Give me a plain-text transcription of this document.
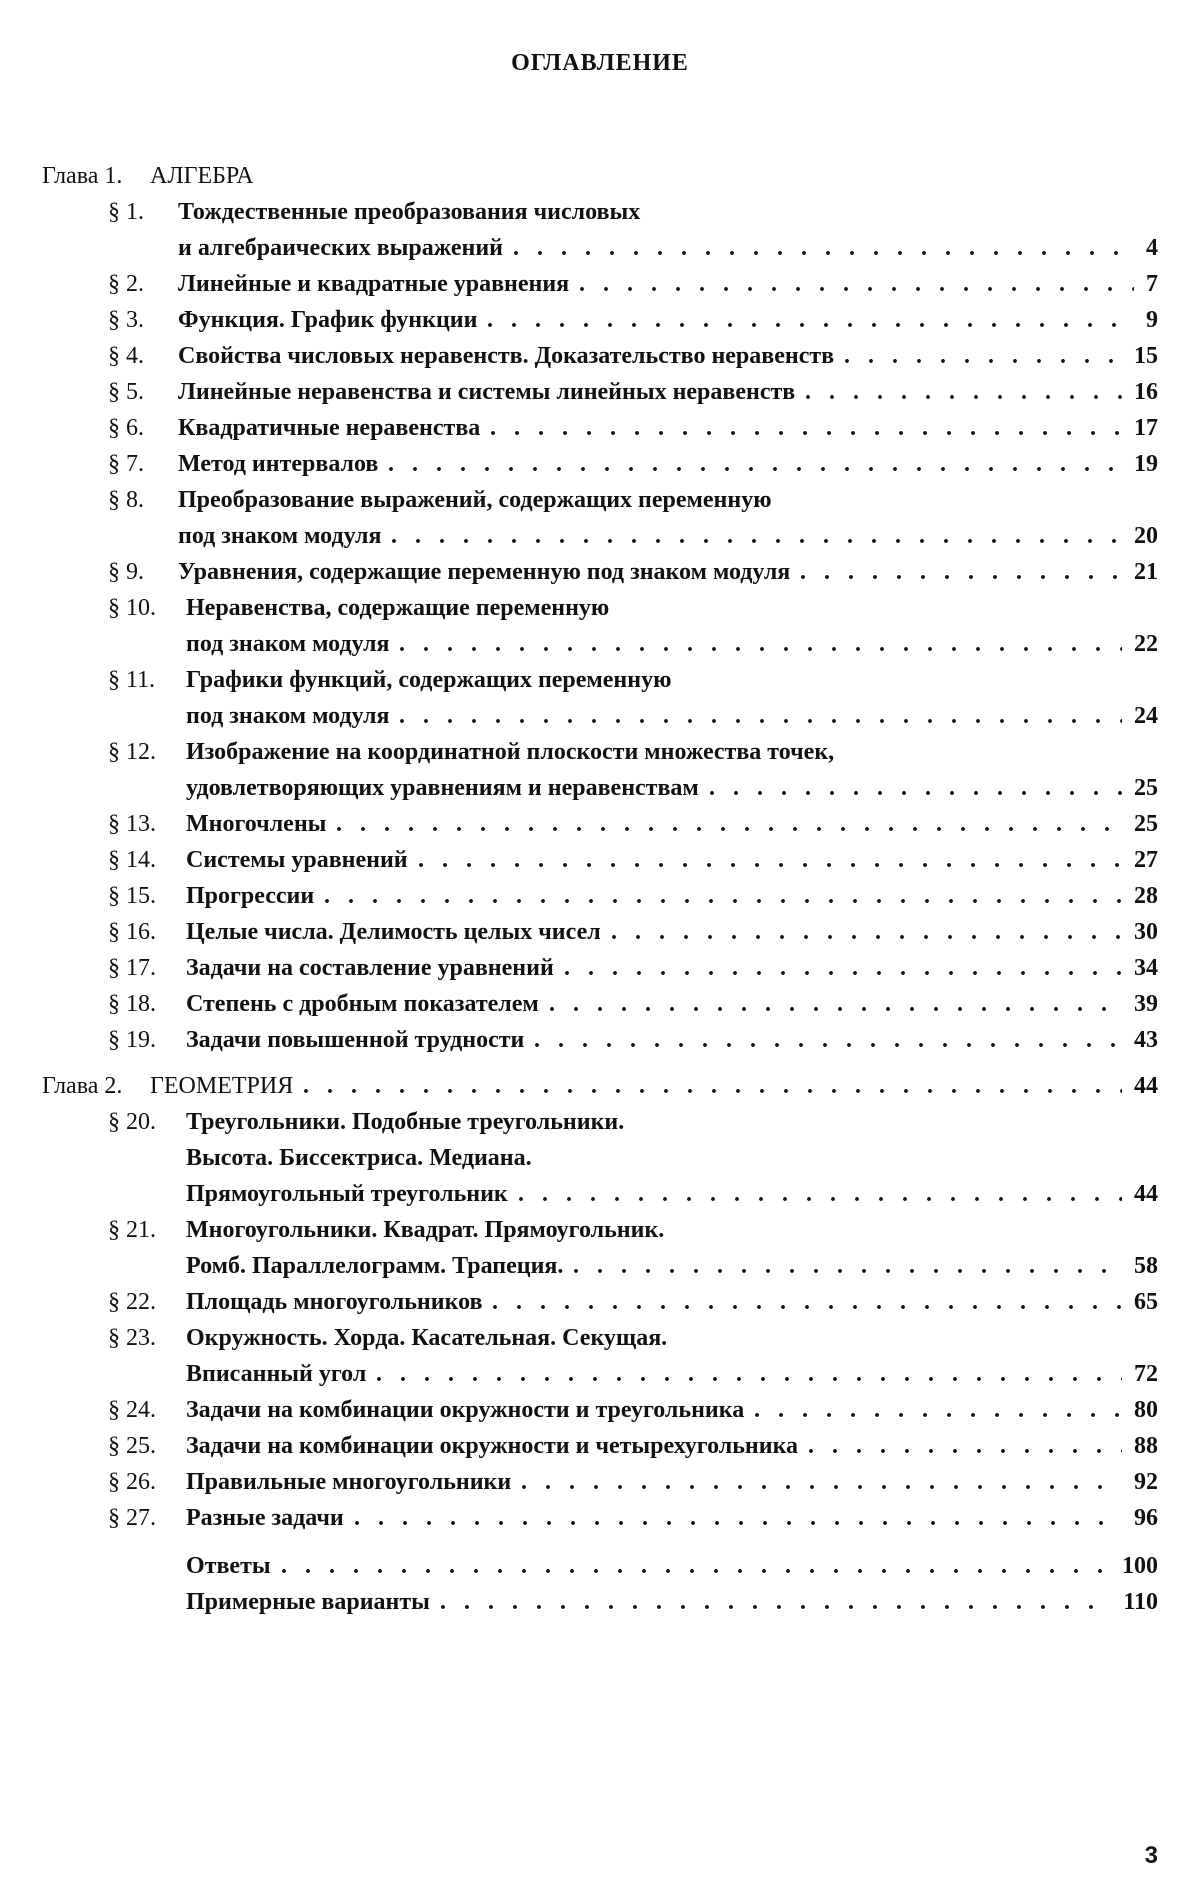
ОГЛАВЛЕНИЕ
Глава 1. АЛГЕБРА
§ 1. Тождественные преобразования числовых
и алгебраических выражений . . .	4
§ 2. Линейные и квадратные уравнения . . .	7
§ 3. Функция. График функции . . .	9
§ 4. Свойства числовых неравенств. Доказательство неравенств . . .	15
§ 5. Линейные неравенства и системы линейных неравенств . . .	16
§ 6. Квадратичные неравенства . . .	17
§ 7. Метод интервалов . . .	19
§ 8. Преобразование выражений, содержащих переменную
под знаком модуля . . .	20
§ 9. Уравнения, содержащие переменную под знаком модуля . . .	21
§ 10. Неравенства, содержащие переменную
под знаком модуля . . .	22
§ 11. Графики функций, содержащих переменную
под знаком модуля . . .	24
§ 12. Изображение на координатной плоскости множества точек,
удовлетворяющих уравнениям и неравенствам . . .	25
§ 13. Многочлены . . .	25
§ 14. Системы уравнений . . .	27
§ 15. Прогрессии . . .	28
§ 16. Целые числа. Делимость целых чисел . . .	30
§ 17. Задачи на составление уравнений . . .	34
§ 18. Степень с дробным показателем . . .	39
§ 19. Задачи повышенной трудности . . .	43
Глава 2. ГЕОМЕТРИЯ . . .	44
§ 20. Треугольники. Подобные треугольники.
Высота. Биссектриса. Медиана.
Прямоугольный треугольник . . .	44
§ 21. Многоугольники. Квадрат. Прямоугольник.
Ромб. Параллелограмм. Трапеция. . . .	58
§ 22. Площадь многоугольников . . .	65
§ 23. Окружность. Хорда. Касательная. Секущая.
Вписанный угол . . .	72
§ 24. Задачи на комбинации окружности и треугольника . . .	80
§ 25. Задачи на комбинации окружности и четырехугольника . . .	88
§ 26. Правильные многоугольники . . .	92
§ 27. Разные задачи . . .	96
Ответы . . .	100
Примерные варианты . . .	110
3
